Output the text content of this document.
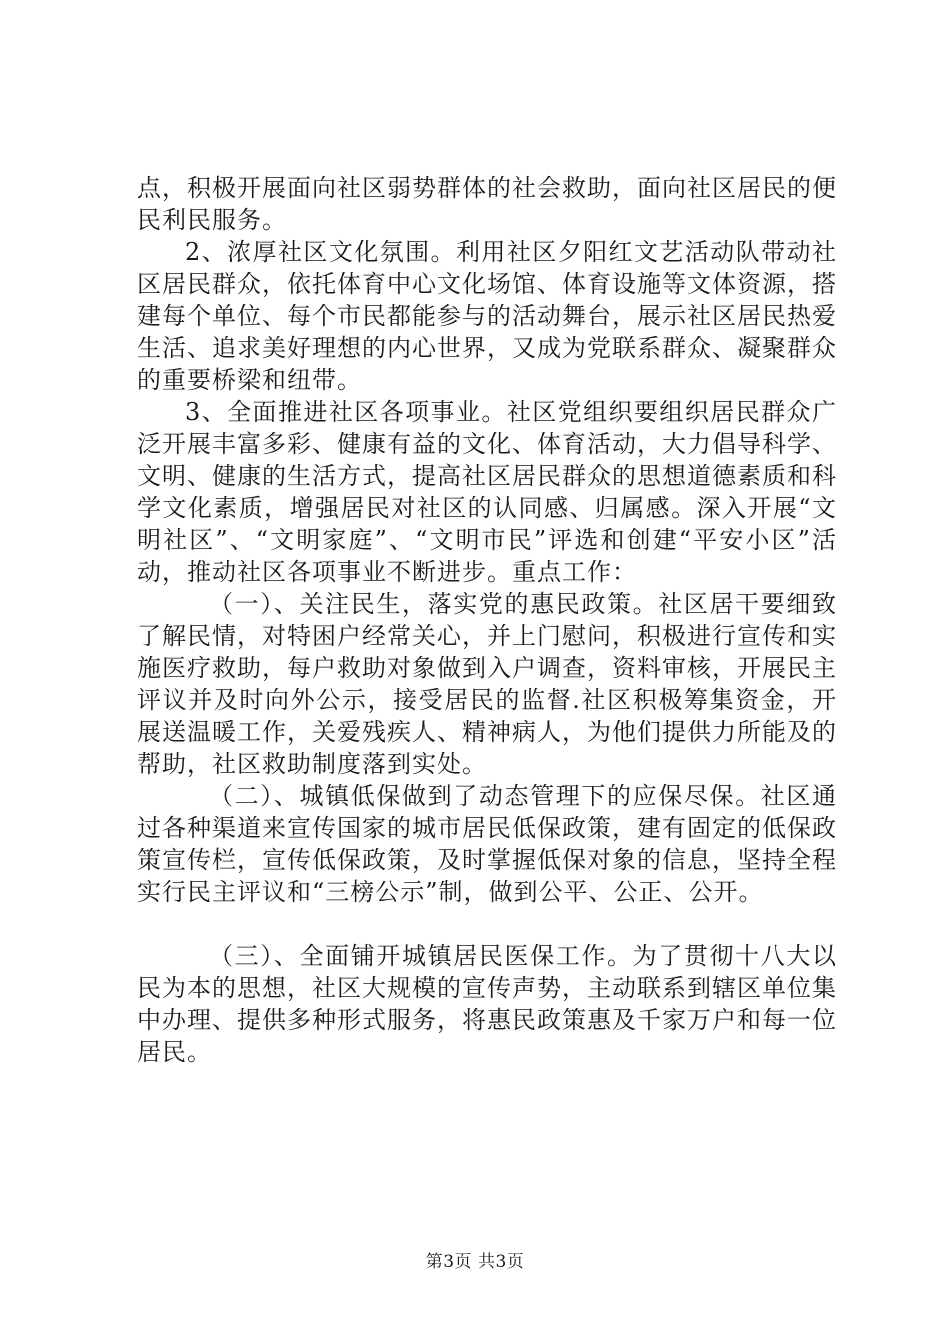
点，积极开展面向社区弱势群体的社会救助，面向社区居民的便民利民服务。

2、浓厚社区文化氛围。利用社区夕阳红文艺活动队带动社区居民群众，依托体育中心文化场馆、体育设施等文体资源，搭建每个单位、每个市民都能参与的活动舞台，展示社区居民热爱生活、追求美好理想的内心世界，又成为党联系群众、凝聚群众的重要桥梁和纽带。

3、全面推进社区各项事业。社区党组织要组织居民群众广泛开展丰富多彩、健康有益的文化、体育活动，大力倡导科学、文明、健康的生活方式，提高社区居民群众的思想道德素质和科学文化素质，增强居民对社区的认同感、归属感。深入开展“文明社区”、“文明家庭”、“文明市民”评选和创建“平安小区”活动，推动社区各项事业不断进步。重点工作：

（一）、关注民生，落实党的惠民政策。社区居干要细致了解民情，对特困户经常关心，并上门慰问，积极进行宣传和实施医疗救助，每户救助对象做到入户调查，资料审核，开展民主评议并及时向外公示，接受居民的监督.社区积极筹集资金，开展送温暖工作，关爱残疾人、精神病人，为他们提供力所能及的帮助，社区救助制度落到实处。

（二）、城镇低保做到了动态管理下的应保尽保。社区通过各种渠道来宣传国家的城市居民低保政策，建有固定的低保政策宣传栏，宣传低保政策，及时掌握低保对象的信息，坚持全程实行民主评议和“三榜公示”制，做到公平、公正、公开。

（三）、全面铺开城镇居民医保工作。为了贯彻十八大以民为本的思想，社区大规模的宣传声势，主动联系到辖区单位集中办理、提供多种形式服务，将惠民政策惠及千家万户和每一位居民。

第3页 共3页
